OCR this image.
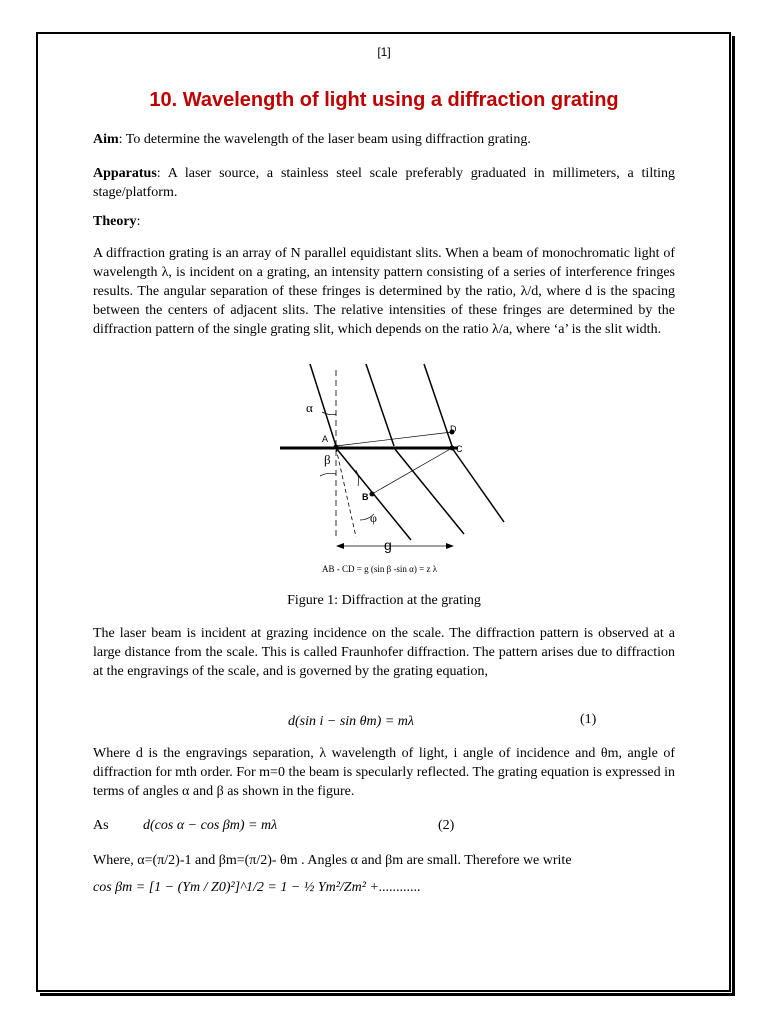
[1]
10. Wavelength of light using a diffraction grating

Aim: To determine the wavelength of the laser beam using diffraction grating.

Apparatus: A laser source, a stainless steel scale preferably graduated in millimeters, a tilting stage/platform.

Theory:

A diffraction grating is an array of N parallel equidistant slits. When a beam of monochromatic light of wavelength λ, is incident on a grating, an intensity pattern consisting of a series of interference fringes results. The angular separation of these fringes is determined by the ratio, λ/d, where d is the spacing between the centers of adjacent slits. The relative intensities of these fringes are determined by the diffraction pattern of the single grating slit, which depends on the ratio λ/a, where ‘a’ is the slit width.

α
β
φ
A
B
C
D
g
AB - CD = g (sin β -sin α) = z λ
Figure 1: Diffraction at the grating

The laser beam is incident at grazing incidence on the scale. The diffraction pattern is observed at a large distance from the scale. This is called Fraunhofer diffraction. The pattern arises due to diffraction at the engravings of the scale, and is governed by the grating equation,

d(sin i − sin θm) = mλ	(1)

Where d is the engravings separation, λ wavelength of light, i angle of incidence and θm, angle of diffraction for mth order. For m=0 the beam is specularly reflected. The grating equation is expressed in terms of angles α and β as shown in the figure.

As d(cos α − cos βm) = mλ	(2)

Where, α=(π/2)-1 and βm=(π/2)- θm . Angles α and βm are small. Therefore we write

cos βm = [1 − (Ym / Z0)²]^1/2 = 1 − ½ Ym²/Zm² +............
